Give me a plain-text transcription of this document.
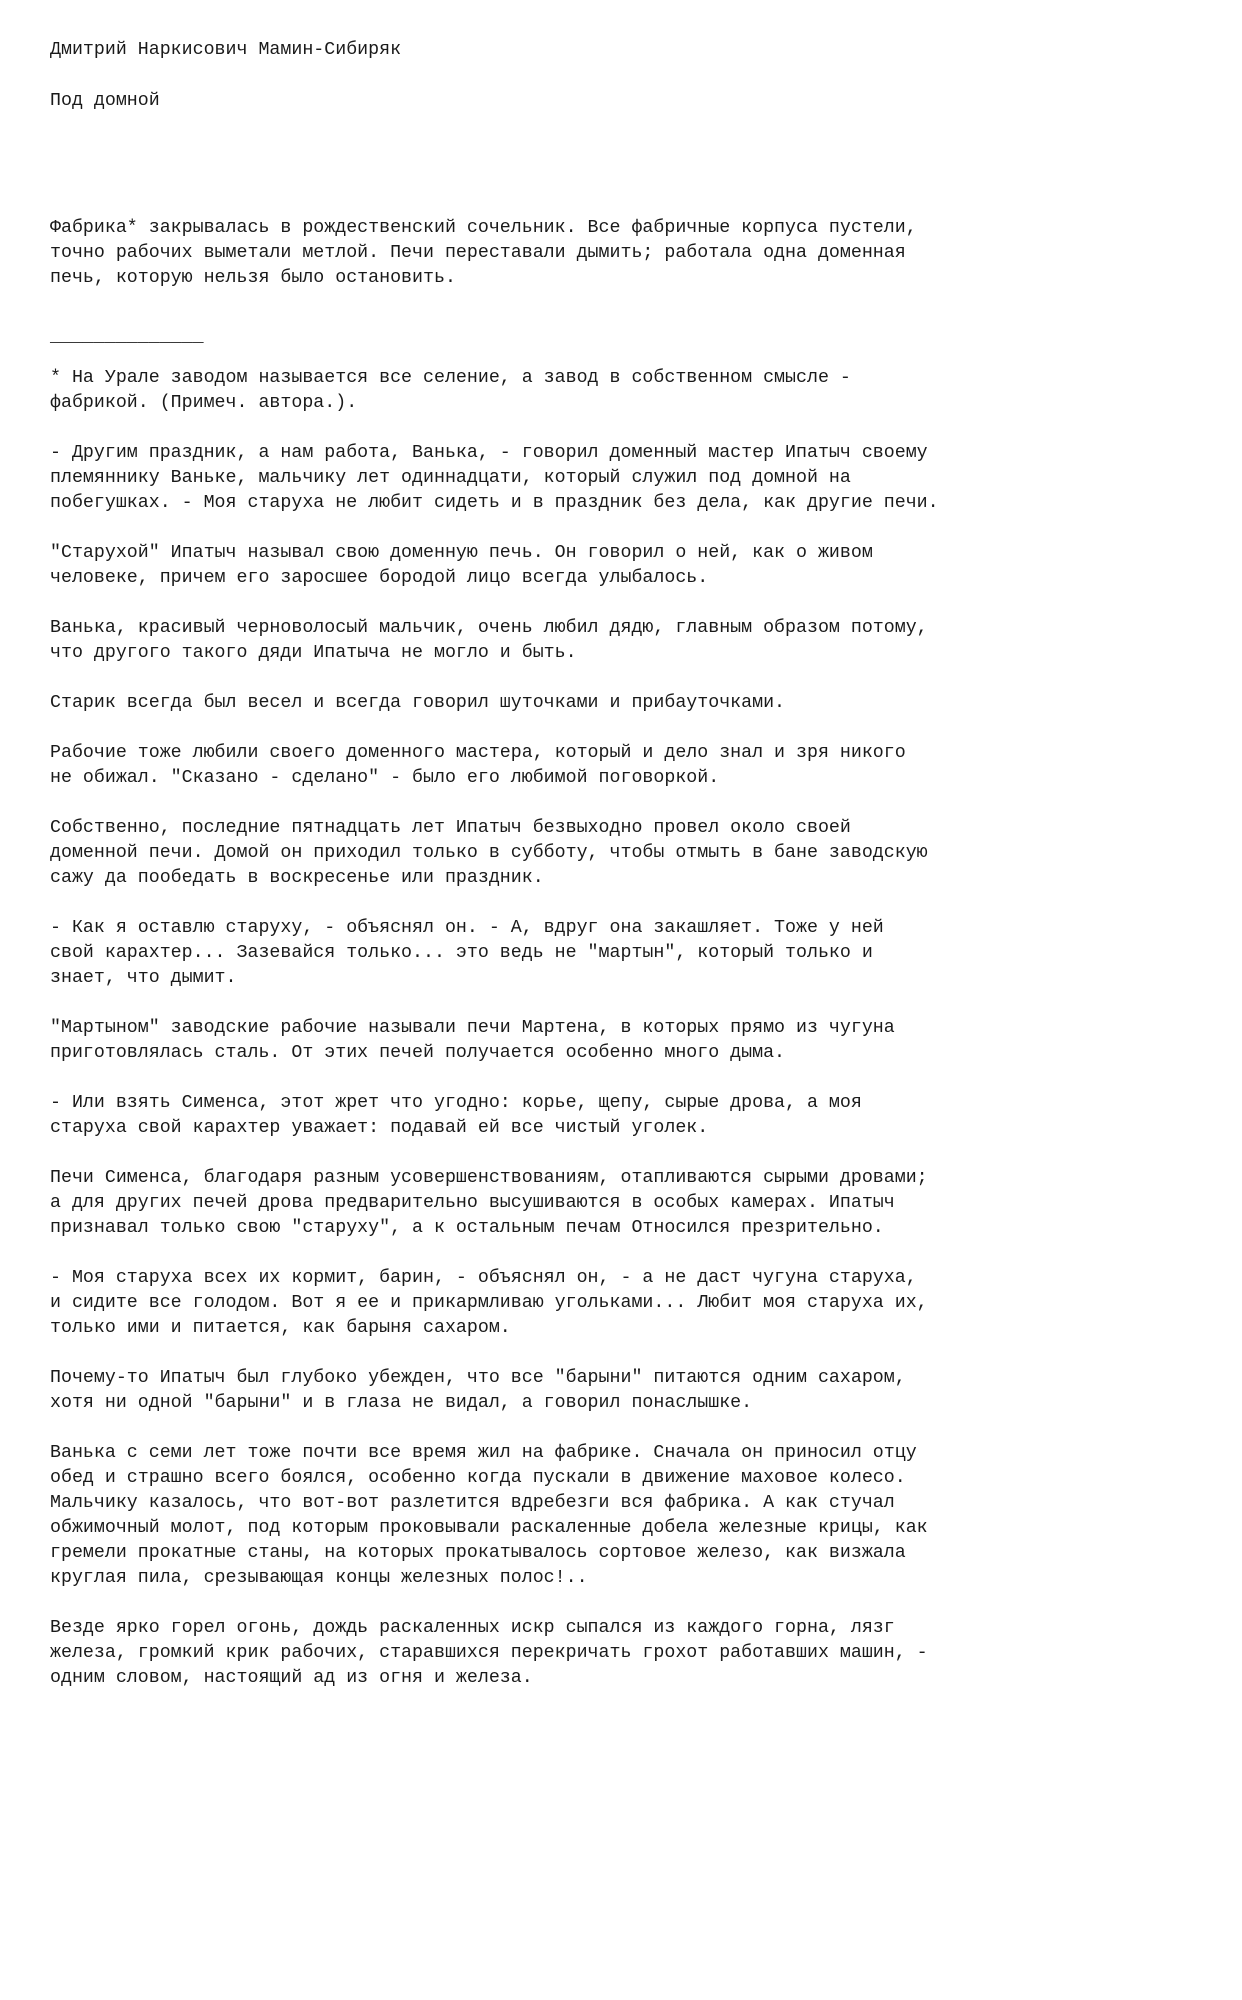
Дмитрий Наркисович Мамин-Сибиряк

Под домной

Фабрика* закрывалась в рождественский сочельник. Все фабричные корпуса пустели,

точно рабочих выметали метлой. Печи переставали дымить; работала одна доменная

печь, которую нельзя было остановить.

______________

* На Урале заводом называется все селение, а завод в собственном смысле -

фабрикой. (Примеч. автора.).

- Другим праздник, а нам работа, Ванька, - говорил доменный мастер Ипатыч своему

племяннику Ваньке, мальчику лет одиннадцати, который служил под домной на

побегушках. - Моя старуха не любит сидеть и в праздник без дела, как другие печи.

"Старухой" Ипатыч называл свою доменную печь. Он говорил о ней, как о живом

человеке, причем его заросшее бородой лицо всегда улыбалось.

Ванька, красивый черноволосый мальчик, очень любил дядю, главным образом потому,

что другого такого дяди Ипатыча не могло и быть.

Старик всегда был весел и всегда говорил шуточками и прибауточками.

Рабочие тоже любили своего доменного мастера, который и дело знал и зря никого

не обижал. "Сказано - сделано" - было его любимой поговоркой.

Собственно, последние пятнадцать лет Ипатыч безвыходно провел около своей

доменной печи. Домой он приходил только в субботу, чтобы отмыть в бане заводскую

сажу да пообедать в воскресенье или праздник.

- Как я оставлю старуху, - объяснял он. - А, вдруг она закашляет. Тоже у ней

свой карахтер... Зазевайся только... это ведь не "мартын", который только и

знает, что дымит.

"Мартыном" заводские рабочие называли печи Мартена, в которых прямо из чугуна

приготовлялась сталь. От этих печей получается особенно много дыма.

- Или взять Сименса, этот жрет что угодно: корье, щепу, сырые дрова, а моя

старуха свой карахтер уважает: подавай ей все чистый уголек.

Печи Сименса, благодаря разным усовершенствованиям, отапливаются сырыми дровами;

а для других печей дрова предварительно высушиваются в особых камерах. Ипатыч

признавал только свою "старуху", а к остальным печам Относился презрительно.

- Моя старуха всех их кормит, барин, - объяснял он, - а не даст чугуна старуха,

и сидите все голодом. Вот я ее и прикармливаю угольками... Любит моя старуха их,

только ими и питается, как барыня сахаром.

Почему-то Ипатыч был глубоко убежден, что все "барыни" питаются одним сахаром,

хотя ни одной "барыни" и в глаза не видал, а говорил понаслышке.

Ванька с семи лет тоже почти все время жил на фабрике. Сначала он приносил отцу

обед и страшно всего боялся, особенно когда пускали в движение маховое колесо.

Мальчику казалось, что вот-вот разлетится вдребезги вся фабрика. А как стучал

обжимочный молот, под которым проковывали раскаленные добела железные крицы, как

гремели прокатные станы, на которых прокатывалось сортовое железо, как визжала

круглая пила, срезывающая концы железных полос!..

Везде ярко горел огонь, дождь раскаленных искр сыпался из каждого горна, лязг

железа, громкий крик рабочих, старавшихся перекричать грохот работавших машин, -

одним словом, настоящий ад из огня и железа.
